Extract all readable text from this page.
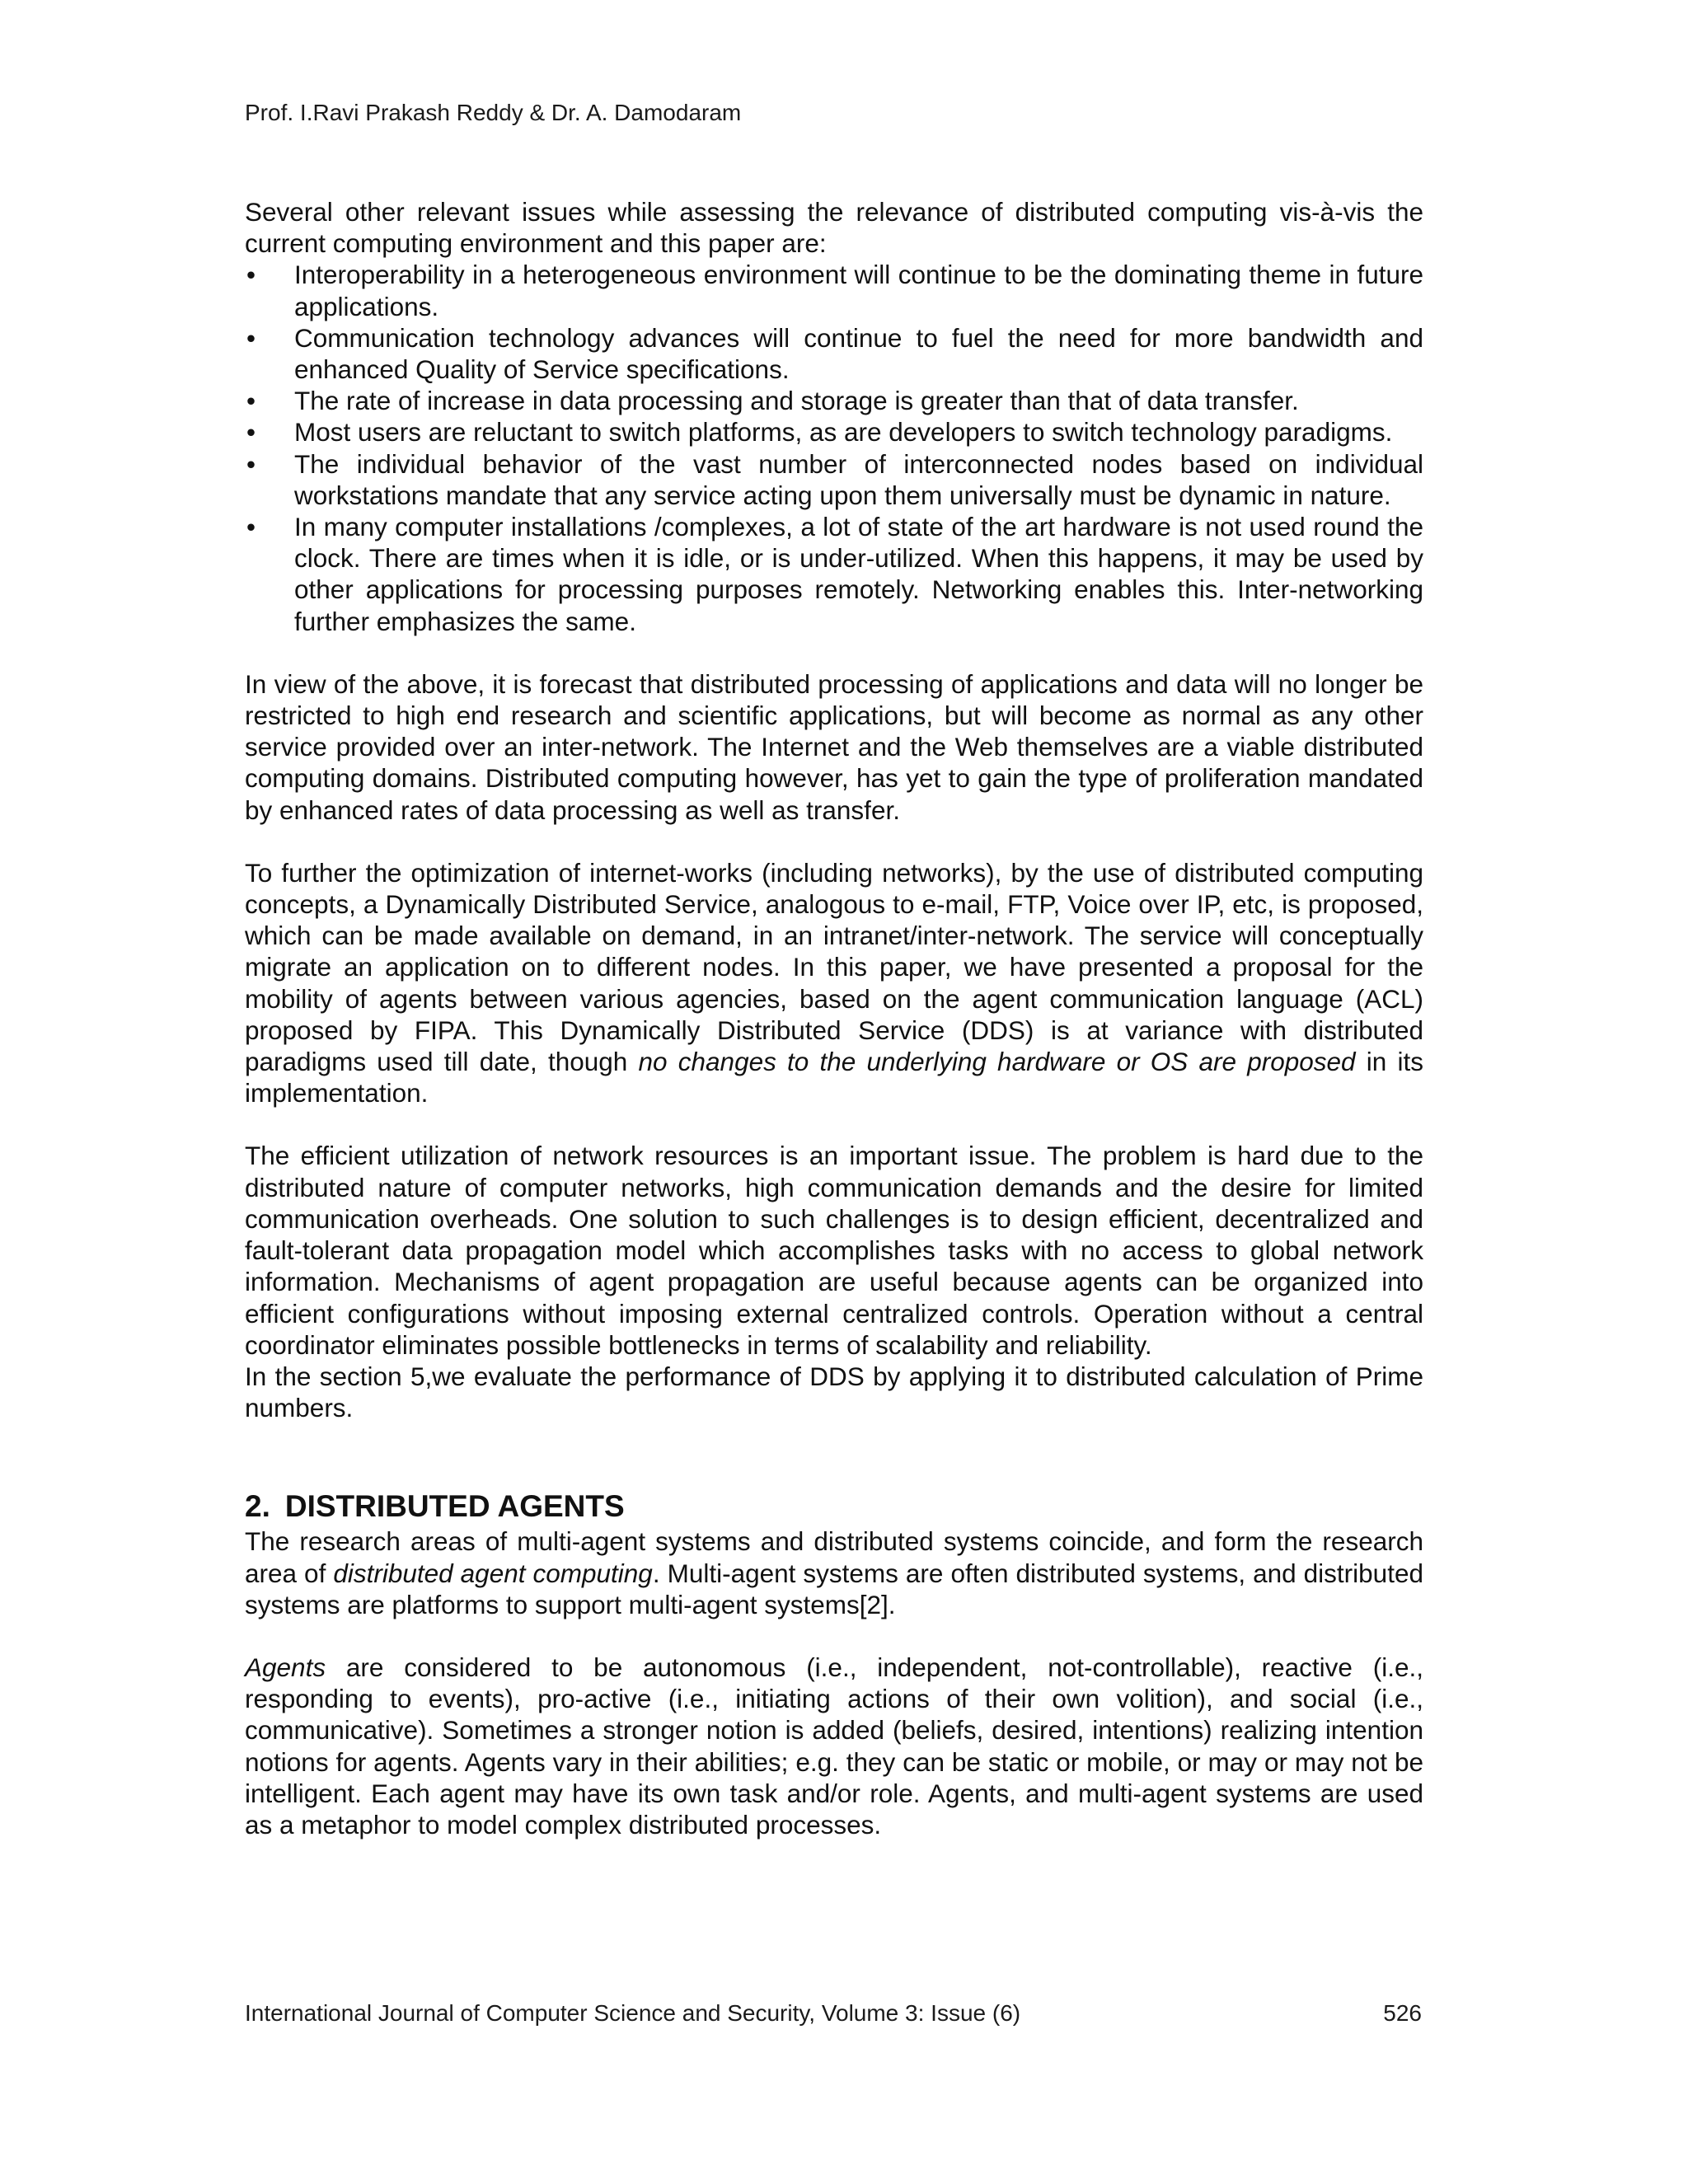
Prof. I.Ravi Prakash Reddy & Dr. A. Damodaram

Several other relevant issues while assessing the relevance of distributed computing vis-à-vis the current computing environment and this paper are:

• Interoperability in a heterogeneous environment will continue to be the dominating theme in future applications.
• Communication technology advances will continue to fuel the need for more bandwidth and enhanced Quality of Service specifications.
• The rate of increase in data processing and storage is greater than that of data transfer.
• Most users are reluctant to switch platforms, as are developers to switch technology paradigms.
• The individual behavior of the vast number of interconnected nodes based on individual workstations mandate that any service acting upon them universally must be dynamic in nature.
• In many computer installations /complexes, a lot of state of the art hardware is not used round the clock. There are times when it is idle, or is under-utilized. When this happens, it may be used by other applications for processing purposes remotely. Networking enables this. Inter-networking further emphasizes the same.

In view of the above, it is forecast that distributed processing of applications and data will no longer be restricted to high end research and scientific applications, but will become as normal as any other service provided over an inter-network. The Internet and the Web themselves are a viable distributed computing domains. Distributed computing however, has yet to gain the type of proliferation mandated by enhanced rates of data processing as well as transfer.

To further the optimization of internet-works (including networks), by the use of distributed computing concepts, a Dynamically Distributed Service, analogous to e-mail, FTP, Voice over IP, etc, is proposed, which can be made available on demand, in an intranet/inter-network. The service will conceptually migrate an application on to different nodes. In this paper, we have presented a proposal for the mobility of agents between various agencies, based on the agent communication language (ACL) proposed by FIPA. This Dynamically Distributed Service (DDS) is at variance with distributed paradigms used till date, though no changes to the underlying hardware or OS are proposed in its implementation.

The efficient utilization of network resources is an important issue. The problem is hard due to the distributed nature of computer networks, high communication demands and the desire for limited communication overheads. One solution to such challenges is to design efficient, decentralized and fault-tolerant data propagation model which accomplishes tasks with no access to global network information. Mechanisms of agent propagation are useful because agents can be organized into efficient configurations without imposing external centralized controls. Operation without a central coordinator eliminates possible bottlenecks in terms of scalability and reliability.

In the section 5,we evaluate the performance of DDS by applying it to distributed calculation of Prime numbers.

2. DISTRIBUTED AGENTS

The research areas of multi-agent systems and distributed systems coincide, and form the research area of distributed agent computing. Multi-agent systems are often distributed systems, and distributed systems are platforms to support multi-agent systems[2].

Agents are considered to be autonomous (i.e., independent, not-controllable), reactive (i.e., responding to events), pro-active (i.e., initiating actions of their own volition), and social (i.e., communicative). Sometimes a stronger notion is added (beliefs, desired, intentions) realizing intention notions for agents. Agents vary in their abilities; e.g. they can be static or mobile, or may or may not be intelligent. Each agent may have its own task and/or role. Agents, and multi-agent systems are used as a metaphor to model complex distributed processes.

International Journal of Computer Science and Security, Volume 3: Issue (6)	526
